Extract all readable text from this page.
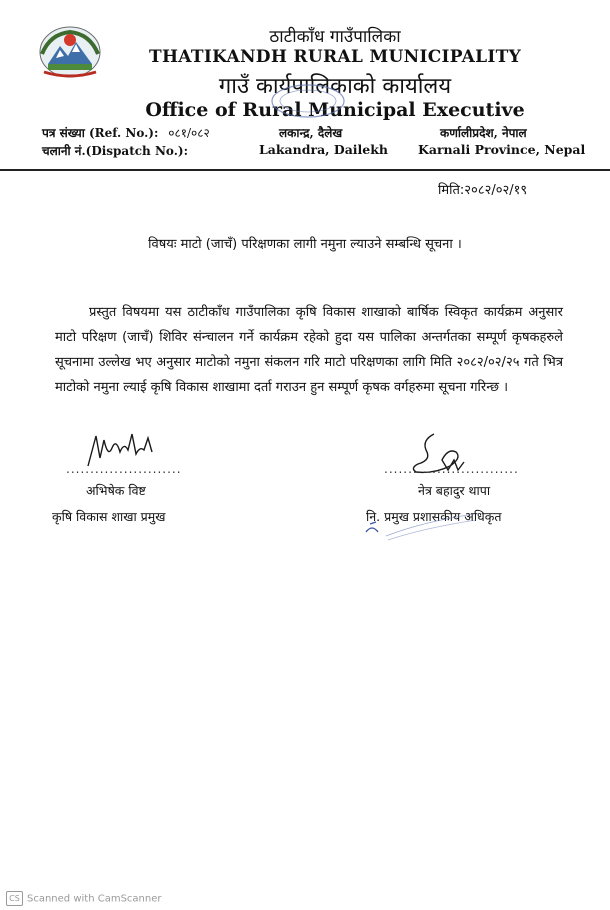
ठाटीकाँध गाउँपालिका
THATIKANDH RURAL MUNICIPALITY
गाउँ कार्यपालिकाको कार्यालय
Office of Rural Municipal Executive
पत्र संख्या (Ref. No.): ०८१/०८२
चलानी नं.(Dispatch No.):
लकान्द्र, दैलेख
Lakandra, Dailekh
कर्णालीप्रदेश, नेपाल
Karnali Province, Nepal
मिति:२०८२/०२/१९
विषयः माटो (जाचँ) परिक्षणका लागी नमुना ल्याउने सम्बन्धि सूचना ।

प्रस्तुत विषयमा यस ठाटीकाँध गाउँपालिका कृषि विकास शाखाको बार्षिक स्विकृत कार्यक्रम अनुसार माटो परिक्षण (जाचँ) शिविर संन्चालन गर्ने कार्यक्रम रहेको हुदा यस पालिका अन्तर्गतका सम्पूर्ण कृषकहरुले सूचनामा उल्लेख भए अनुसार माटोको नमुना संकलन गरि माटो परिक्षणका लागि मिति २०८२/०२/२५ गते भित्र माटोको नमुना ल्याई कृषि विकास शाखामा दर्ता गराउन हुन सम्पूर्ण कृषक वर्गहरुमा सूचना गरिन्छ ।

........................
अभिषेक विष्ट
कृषि विकास शाखा प्रमुख
............................
नेत्र बहादुर थापा
नि. प्रमुख प्रशासकीय अधिकृत
CS Scanned with CamScanner
